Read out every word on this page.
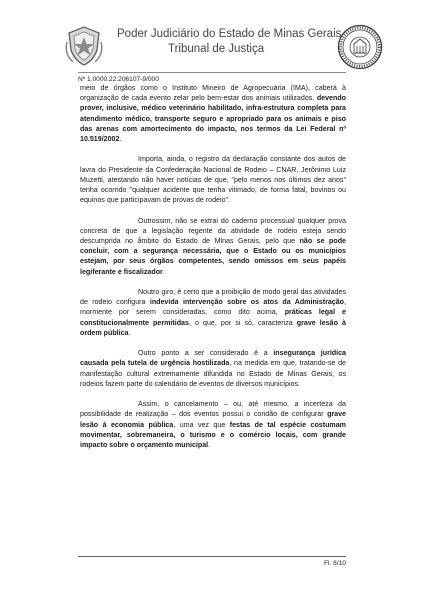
Poder Judiciário do Estado de Minas Gerais
Tribunal de Justiça
Nº 1.0000.22.206107-9/000

meio de órgãos como o Instituto Mineiro de Agropecuária (IMA), caberá à organização de cada evento zelar pelo bem-estar dos animais utilizados, devendo prover, inclusive, médico veterinário habilitado, infra-estrutura completa para atendimento médico, transporte seguro e apropriado para os animais e piso das arenas com amortecimento do impacto, nos termos da Lei Federal nº 10.519/2002.

Importa, ainda, o registro da declaração constante dos autos de lavra do Presidente da Confederação Nacional de Rodeio – CNAR, Jerônimo Luiz Muzetti, atestando não haver notícias de que, "pelo menos nos últimos dez anos" tenha ocorrido "qualquer acidente que tenha vitimado, de forma fatal, bovinos ou equinos que participavam de provas de rodeio".

Outrossim, não se extrai do caderno processual qualquer prova concreta de que a legislação regente da atividade de rodeio esteja sendo descumprida no âmbito do Estado de Minas Gerais, pelo que não se pode concluir, com a segurança necessária, que o Estado ou os municípios estejam, por seus órgãos competentes, sendo omissos em seus papéis legiferante e fiscalizador.

Noutro giro, é certo que a proibição de modo geral das atividades de rodeio configura indevida intervenção sobre os atos da Administração, mormente por serem consideradas, como dito acima, práticas legal e constitucionalmente permitidas, o que, por si só, caracteriza grave lesão à ordem pública.

Outro ponto a ser considerado é a insegurança jurídica causada pela tutela de urgência hostilizada, na medida em que, tratando-se de manifestação cultural extremamente difundida no Estado de Minas Gerais, os rodeios fazem parte do calendário de eventos de diversos municípios.

Assim, o cancelamento – ou, até mesmo, a incerteza da possibilidade de realização – dos eventos possui o condão de configurar grave lesão à economia pública, uma vez que festas de tal espécie costumam movimentar, sobremaneira, o turismo e o comércio locais, com grande impacto sobre o orçamento municipal.

Fl. 8/10
